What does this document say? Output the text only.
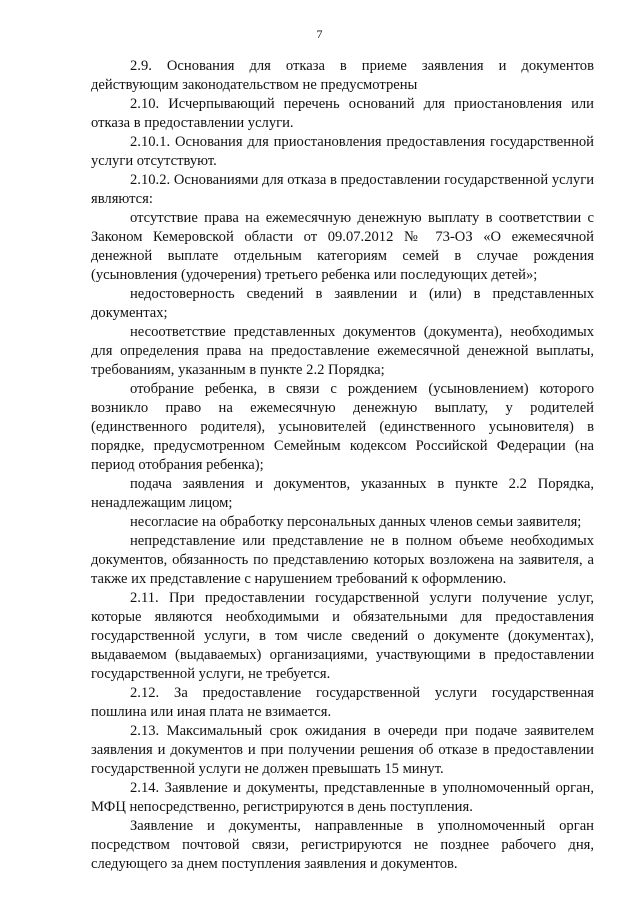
7

2.9. Основания для отказа в приеме заявления и документов действующим законодательством не предусмотрены

2.10. Исчерпывающий перечень оснований для приостановления или отказа в предоставлении услуги.

2.10.1. Основания для приостановления предоставления государственной услуги отсутствуют.

2.10.2. Основаниями для отказа в предоставлении государственной услуги являются:

отсутствие права на ежемесячную денежную выплату в соответствии с Законом Кемеровской области от 09.07.2012 № 73-ОЗ «О ежемесячной денежной выплате отдельным категориям семей в случае рождения (усыновления (удочерения) третьего ребенка или последующих детей»;

недостоверность сведений в заявлении и (или) в представленных документах;

несоответствие представленных документов (документа), необходимых для определения права на предоставление ежемесячной денежной выплаты, требованиям, указанным в пункте 2.2 Порядка;

отобрание ребенка, в связи с рождением (усыновлением) которого возникло право на ежемесячную денежную выплату, у родителей (единственного родителя), усыновителей (единственного усыновителя) в порядке, предусмотренном Семейным кодексом Российской Федерации (на период отобрания ребенка);

подача заявления и документов, указанных в пункте 2.2 Порядка, ненадлежащим лицом;

несогласие на обработку персональных данных членов семьи заявителя;

непредставление или представление не в полном объеме необходимых документов, обязанность по представлению которых возложена на заявителя, а также их представление с нарушением требований к оформлению.

2.11. При предоставлении государственной услуги получение услуг, которые являются необходимыми и обязательными для предоставления государственной услуги, в том числе сведений о документе (документах), выдаваемом (выдаваемых) организациями, участвующими в предоставлении государственной услуги, не требуется.

2.12. За предоставление государственной услуги государственная пошлина или иная плата не взимается.

2.13. Максимальный срок ожидания в очереди при подаче заявителем заявления и документов и при получении решения об отказе в предоставлении государственной услуги не должен превышать 15 минут.

2.14. Заявление и документы, представленные в уполномоченный орган, МФЦ непосредственно, регистрируются в день поступления.

Заявление и документы, направленные в уполномоченный орган посредством почтовой связи, регистрируются не позднее рабочего дня, следующего за днем поступления заявления и документов.
